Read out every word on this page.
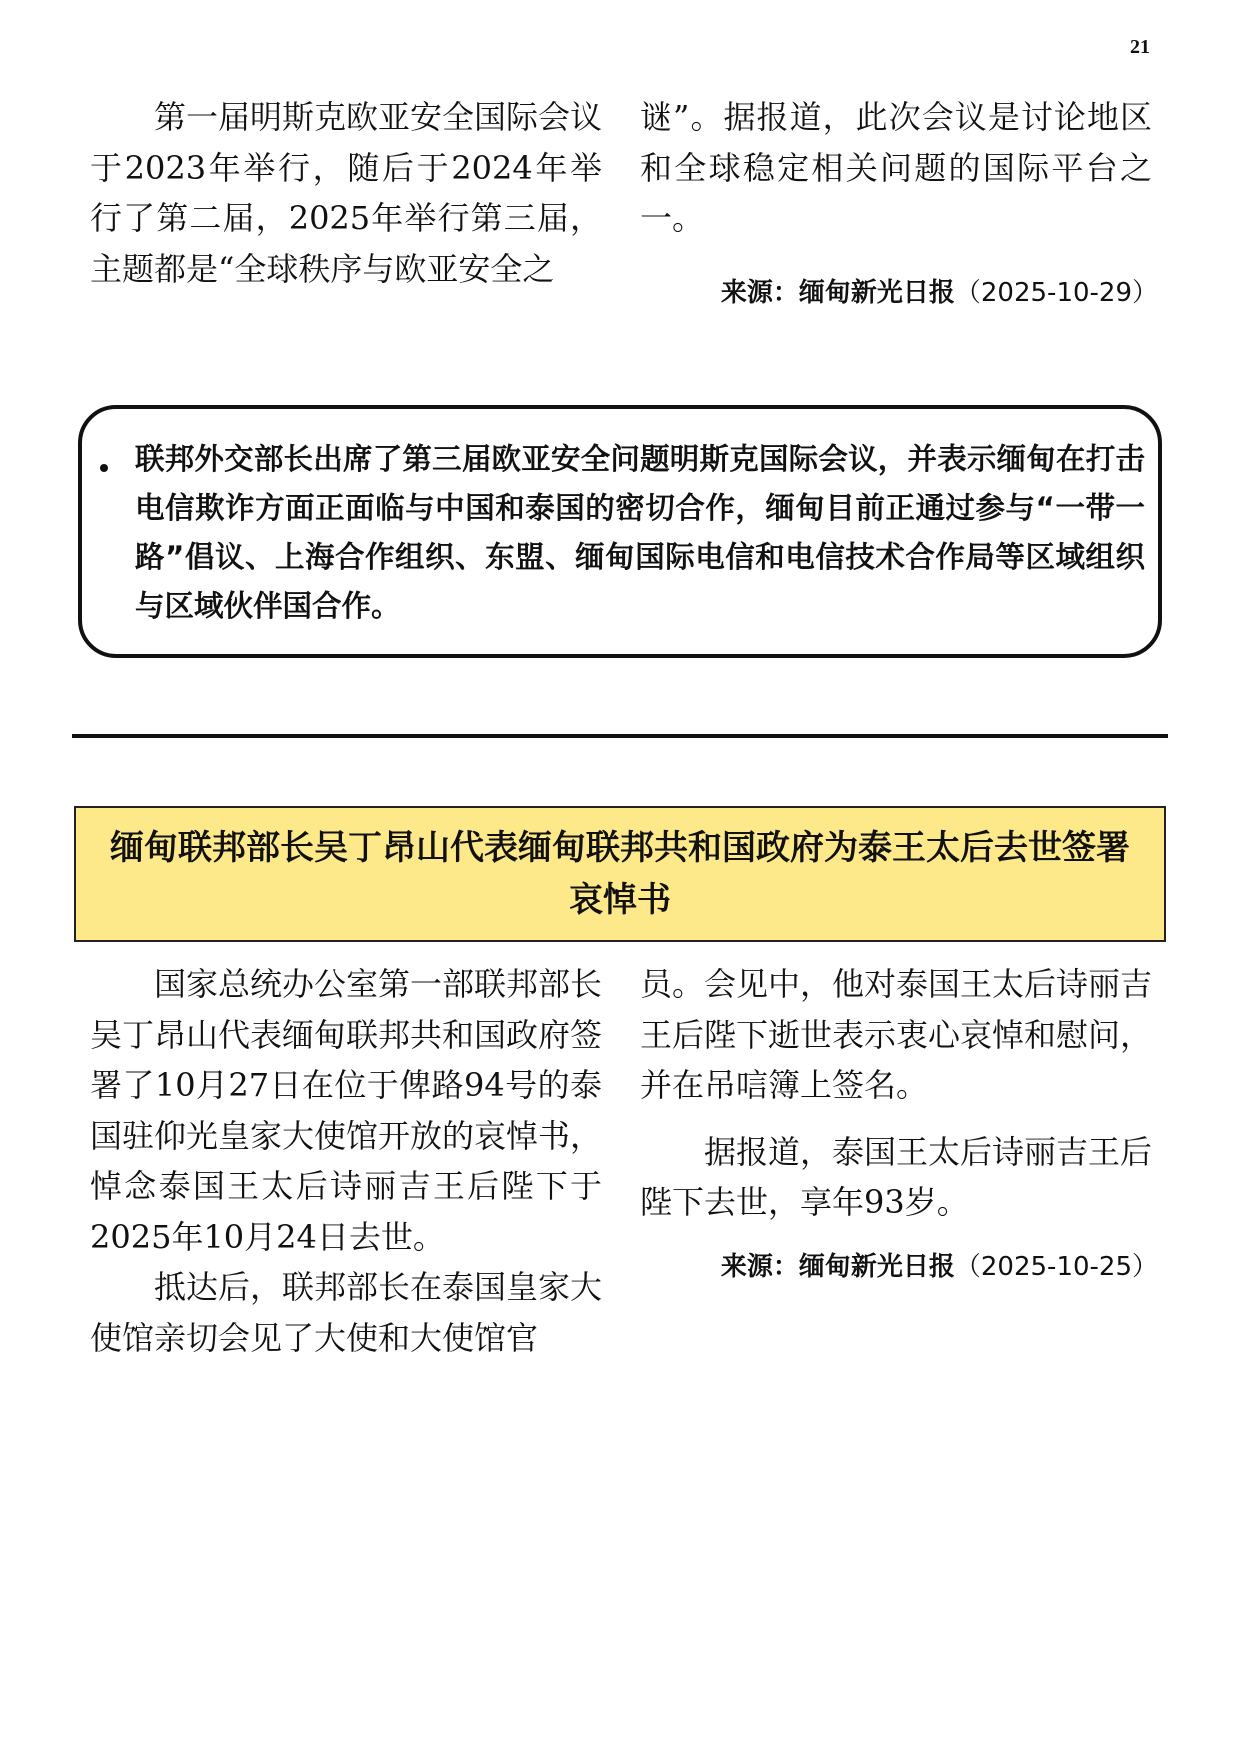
21

第一届明斯克欧亚安全国际会议于2023年举行，随后于2024年举行了第二届，2025年举行第三届，主题都是“全球秩序与欧亚安全之

谜”。据报道，此次会议是讨论地区和全球稳定相关问题的国际平台之一。

来源：缅甸新光日报（2025-10-29）

联邦外交部长出席了第三届欧亚安全问题明斯克国际会议，并表示缅甸在打击电信欺诈方面正面临与中国和泰国的密切合作，缅甸目前正通过参与“一带一路”倡议、上海合作组织、东盟、缅甸国际电信和电信技术合作局等区域组织与区域伙伴国合作。

缅甸联邦部长吴丁昂山代表缅甸联邦共和国政府为泰王太后去世签署哀悼书

国家总统办公室第一部联邦部长吴丁昂山代表缅甸联邦共和国政府签署了10月27日在位于俾路94号的泰国驻仰光皇家大使馆开放的哀悼书，悼念泰国王太后诗丽吉王后陛下于2025年10月24日去世。

抵达后，联邦部长在泰国皇家大使馆亲切会见了大使和大使馆官

员。会见中，他对泰国王太后诗丽吉王后陛下逝世表示衷心哀悼和慰问，并在吊唁簿上签名。

据报道，泰国王太后诗丽吉王后陛下去世，享年93岁。

来源：缅甸新光日报（2025-10-25）
